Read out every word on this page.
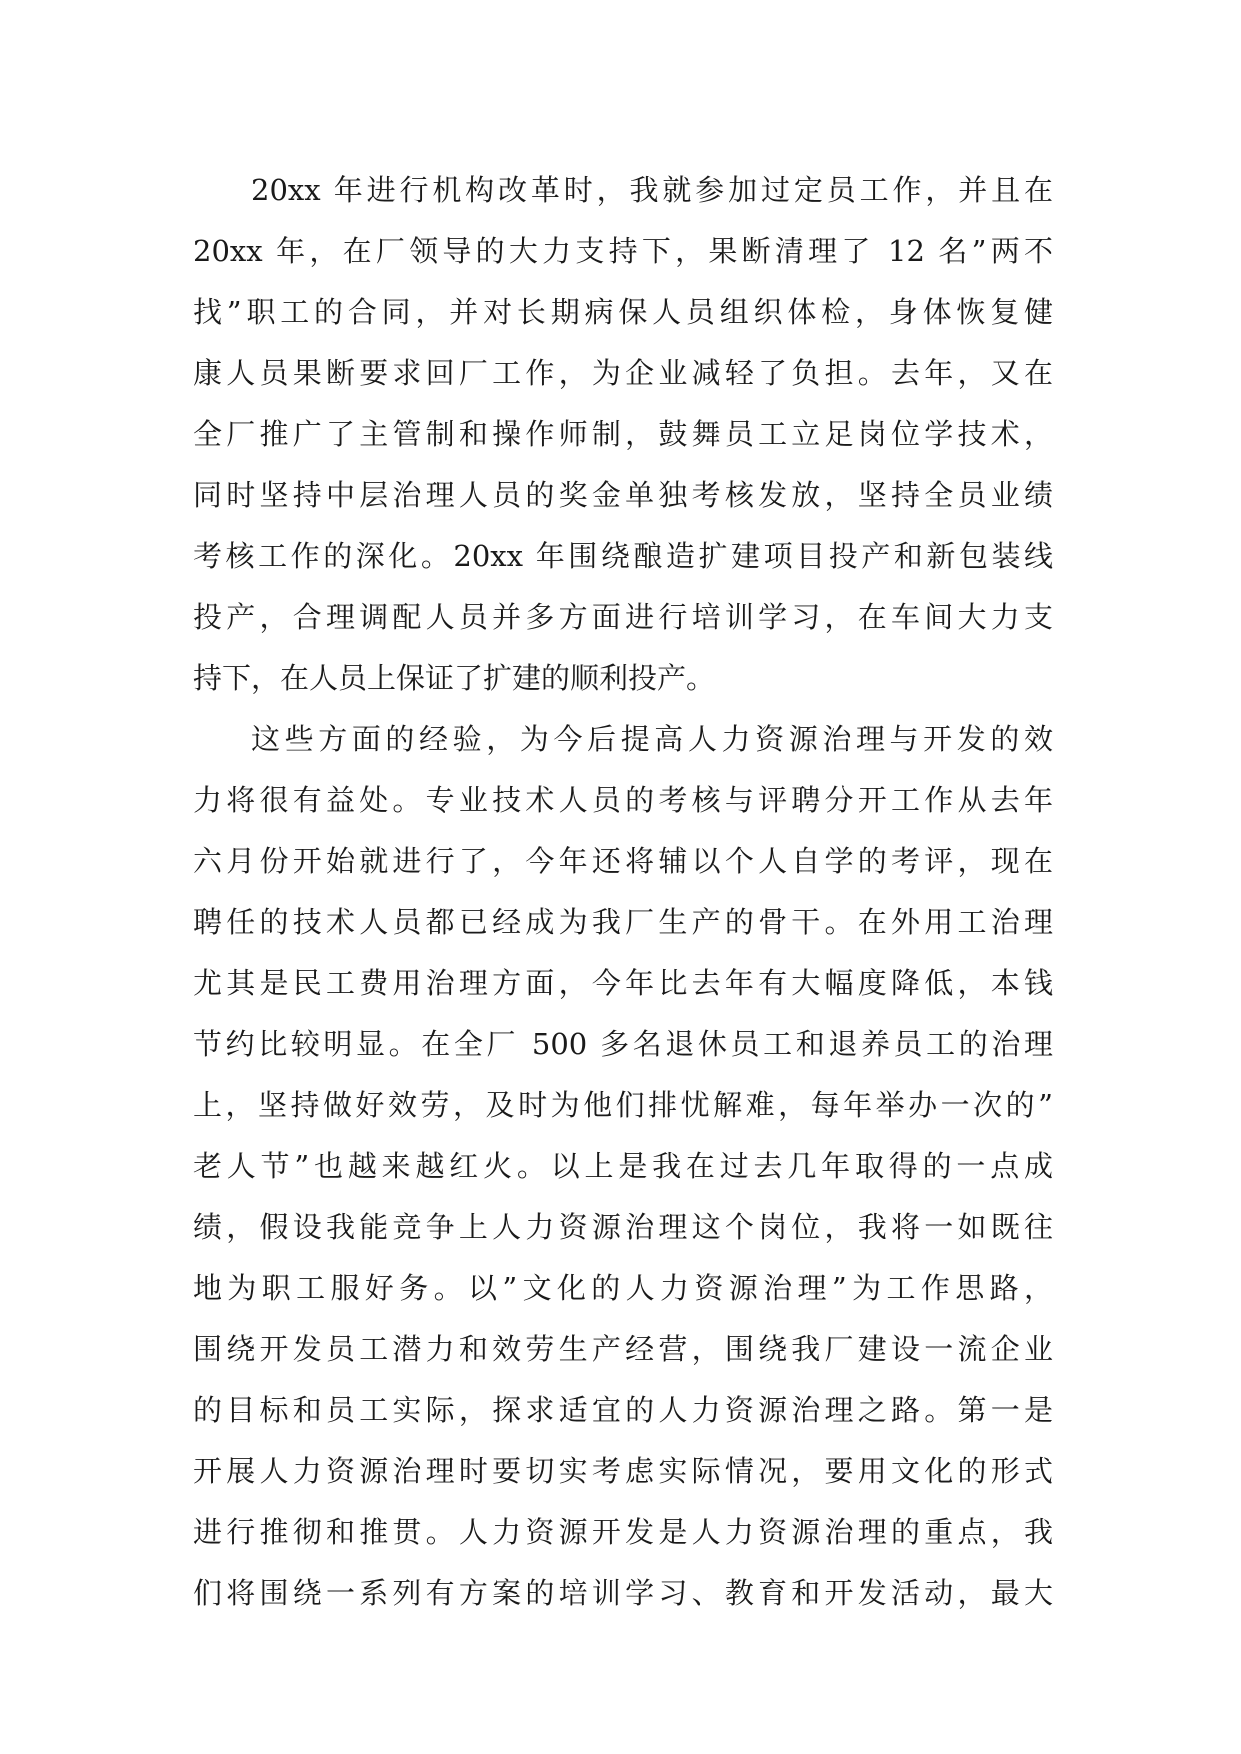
20xx 年进行机构改革时，我就参加过定员工作，并且在
20xx 年，在厂领导的大力支持下，果断清理了 12 名”两不
找”职工的合同，并对长期病保人员组织体检，身体恢复健
康人员果断要求回厂工作，为企业减轻了负担。去年，又在
全厂推广了主管制和操作师制，鼓舞员工立足岗位学技术，
同时坚持中层治理人员的奖金单独考核发放，坚持全员业绩
考核工作的深化。20xx 年围绕酿造扩建项目投产和新包装线
投产，合理调配人员并多方面进行培训学习，在车间大力支
持下，在人员上保证了扩建的顺利投产。
这些方面的经验，为今后提高人力资源治理与开发的效
力将很有益处。专业技术人员的考核与评聘分开工作从去年
六月份开始就进行了，今年还将辅以个人自学的考评，现在
聘任的技术人员都已经成为我厂生产的骨干。在外用工治理
尤其是民工费用治理方面，今年比去年有大幅度降低，本钱
节约比较明显。在全厂 500 多名退休员工和退养员工的治理
上，坚持做好效劳，及时为他们排忧解难，每年举办一次的”
老人节”也越来越红火。以上是我在过去几年取得的一点成
绩，假设我能竞争上人力资源治理这个岗位，我将一如既往
地为职工服好务。以”文化的人力资源治理”为工作思路，
围绕开发员工潜力和效劳生产经营，围绕我厂建设一流企业
的目标和员工实际，探求适宜的人力资源治理之路。第一是
开展人力资源治理时要切实考虑实际情况，要用文化的形式
进行推彻和推贯。人力资源开发是人力资源治理的重点，我
们将围绕一系列有方案的培训学习、教育和开发活动，最大
